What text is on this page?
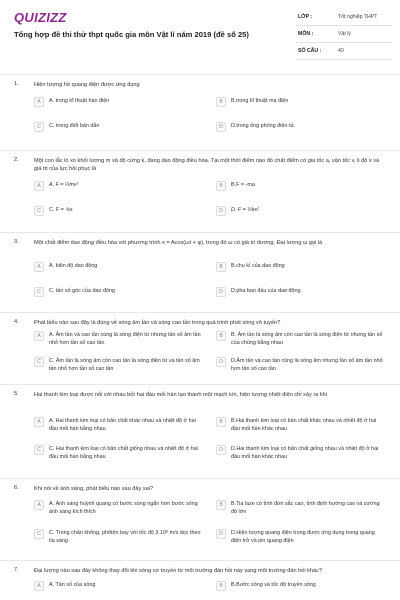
QUIZIZZ
Tổng hợp đề thi thử thpt quốc gia môn Vật lí năm 2019 (đề số 25)
LỚP :	Tốt nghiệp THPT
MÔN :	Vật lý
SỐ CÂU :	40
1.	Hiện tượng hồ quang điện được ứng dụng
A	A. trong kĩ thuật hàn điện	B	B.trong kĩ thuật mạ điện
C	C. trong điốt bán dẫn	D	D.trong ống phóng điện tử.
2.	Một con lắc lò xo khối lượng m và độ cứng k, đang dao động điều hòa. Tại một thời điểm nào đó chất điểm có gia tốc a, vận tốc v, li độ x và giá trị của lực hồi phục là
A	A. F = ½mv²	B	B.F = -ma
C	C. F = -kx	D	D. F = ½kx²
3.	Một chất điểm dao động điều hòa với phương trình x = Acos(ωt + φ), trong đó ω có giá trị dương. Đại lượng ω gọi là
A	A. biên độ dao động	B	B.chu kì của dao động
C	C. tần số góc của dao động	D	D.pha ban đầu của dao động.
4.	Phát biểu nào sau đây là đúng về sóng âm tần và sóng cao tần trong quá trình phát sóng vô tuyến?
A	A. Âm tần và cao tần cùng là sóng điện từ nhưng tần số âm tần nhỏ hơn tần số cao tần.
B	B. Âm tần là sóng âm còn cao tần là sóng điện từ nhưng tần số của chúng bằng nhau
C	C. Âm tần là sóng âm còn cao tần là sóng điện từ và tần số âm tần nhỏ hơn tần số cao tần
D	D.Âm tần và cao tần cùng là sóng âm nhưng tần số âm tần nhỏ hơn tần số cao tần
5.	Hai thanh kim loại được nối với nhau bởi hai đầu mối hàn tạo thành một mạch kín, hiện tượng nhiệt điện chỉ xảy ra khi
A	A. Hai thanh kim loại có bản chất khác nhau và nhiệt độ ở hai đầu mối hàn bằng nhau
B	B.Hai thanh kim loại có bản chất khác nhau và nhiệt độ ở hai đầu mối hàn khác nhau
C	C. Hai thanh kim loại có bản chất giống nhau và nhiệt độ ở hai đầu mối hàn bằng nhau
D	D.Hai thanh kim loại có bản chất giống nhau và nhiệt độ ở hai đầu mối hàn khác nhau
6.	Khi nói về ánh sáng, phát biểu nào sau đây sai?
A	A. Ánh sáng huỳnh quang có bước sóng ngắn hơn bước sóng ánh sáng kích thích
B	B.Tia laze có tính đơn sắc cao, tính định hướng cao và cường độ lớn
C	C. Trong chân không, phôtôn bay với tốc độ 3.10⁸ m/s dọc theo tia sáng
D	D.Hiện tượng quang điện trong được ứng dụng trong quang điện trở và pin quang điện
7.	Đại lượng nào sau đây không thay đổi khi sóng cơ truyền từ môi trường đàn hồi này sang môi trường đàn hồi khác?
A	A. Tần số của sóng	B	B.Bước sóng và tốc độ truyền sóng
